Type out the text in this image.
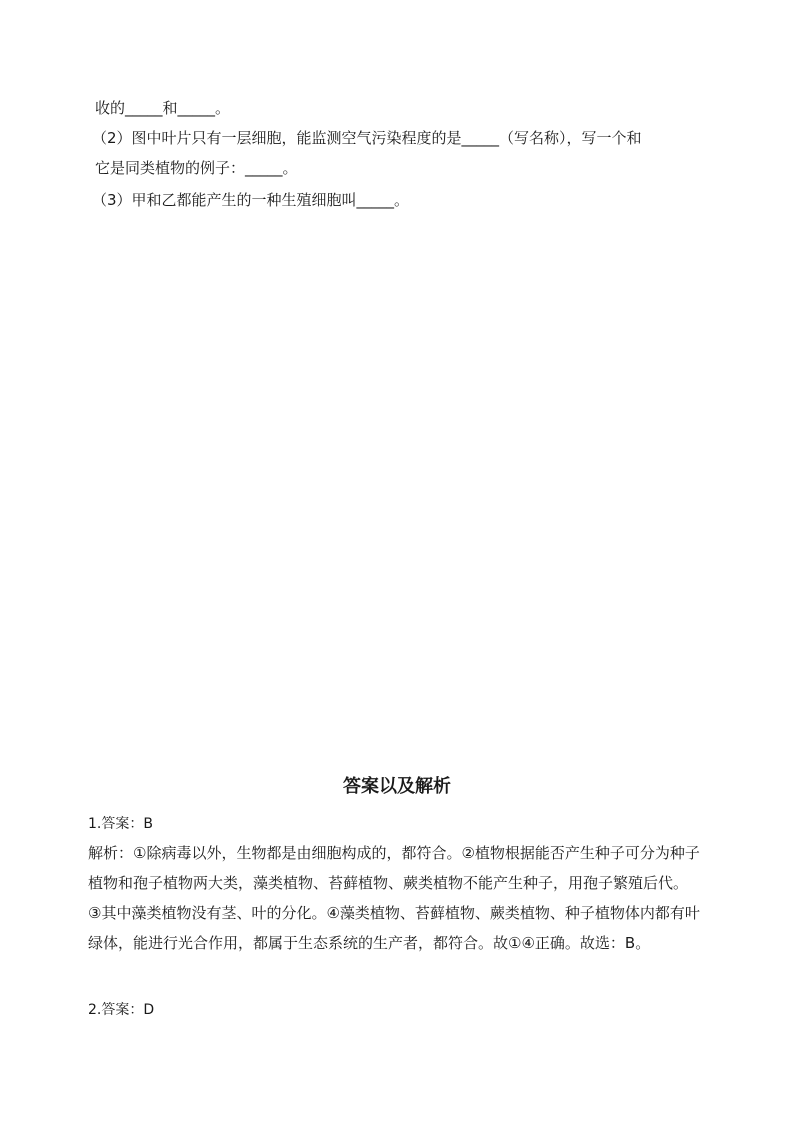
收的_____和_____。
（2）图中叶片只有一层细胞，能监测空气污染程度的是_____（写名称），写一个和
它是同类植物的例子：_____。
（3）甲和乙都能产生的一种生殖细胞叫_____。
答案以及解析
1.答案：B
解析：①除病毒以外，生物都是由细胞构成的，都符合。②植物根据能否产生种子可分为种子植物和孢子植物两大类，藻类植物、苔藓植物、蕨类植物不能产生种子，用孢子繁殖后代。③其中藻类植物没有茎、叶的分化。④藻类植物、苔藓植物、蕨类植物、种子植物体内都有叶绿体，能进行光合作用，都属于生态系统的生产者，都符合。故①④正确。故选：B。
2.答案：D
